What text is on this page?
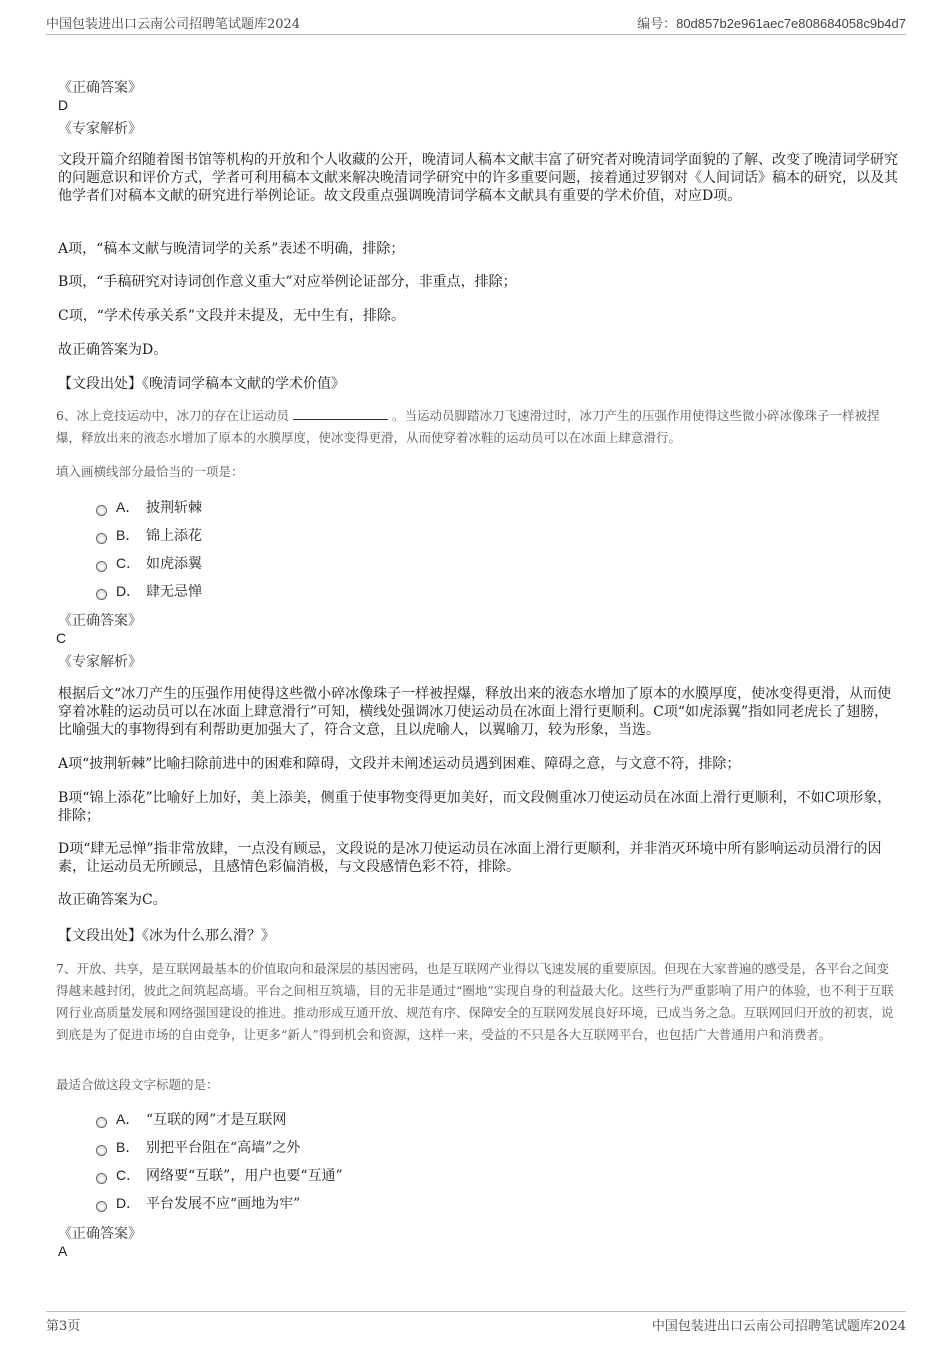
中国包装进出口云南公司招聘笔试题库2024	编号：80d857b2e961aec7e808684058c9b4d7
《正确答案》
D
《专家解析》
文段开篇介绍随着图书馆等机构的开放和个人收藏的公开，晚清词人稿本文献丰富了研究者对晚清词学面貌的了解、改变了晚清词学研究的问题意识和评价方式，学者可利用稿本文献来解决晚清词学研究中的许多重要问题，接着通过罗钢对《人间词话》稿本的研究，以及其他学者们对稿本文献的研究进行举例论证。故文段重点强调晚清词学稿本文献具有重要的学术价值，对应D项。
A项，“稿本文献与晚清词学的关系”表述不明确，排除；
B项，“手稿研究对诗词创作意义重大”对应举例论证部分，非重点，排除；
C项，“学术传承关系”文段并未提及，无中生有，排除。
故正确答案为D。
【文段出处】《晚清词学稿本文献的学术价值》
6、冰上竞技运动中，冰刀的存在让运动员	。当运动员脚踏冰刀飞速滑过时，冰刀产生的压强作用使得这些微小碎冰像珠子一样被捏爆，释放出来的液态水增加了原本的水膜厚度，使冰变得更滑，从而使穿着冰鞋的运动员可以在冰面上肆意滑行。
填入画横线部分最恰当的一项是：
A． 披荆斩棘
B． 锦上添花
C． 如虎添翼
D． 肆无忌惮
《正确答案》
C
《专家解析》
根据后文“冰刀产生的压强作用使得这些微小碎冰像珠子一样被捏爆，释放出来的液态水增加了原本的水膜厚度，使冰变得更滑，从而使穿着冰鞋的运动员可以在冰面上肆意滑行”可知，横线处强调冰刀使运动员在冰面上滑行更顺利。C项“如虎添翼”指如同老虎长了翅膀，比喻强大的事物得到有利帮助更加强大了，符合文意，且以虎喻人，以翼喻刀，较为形象，当选。
A项“披荆斩棘”比喻扫除前进中的困难和障碍，文段并未阐述运动员遇到困难、障碍之意，与文意不符，排除；
B项“锦上添花”比喻好上加好，美上添美，侧重于使事物变得更加美好，而文段侧重冰刀使运动员在冰面上滑行更顺利，不如C项形象，排除；
D项“肆无忌惮”指非常放肆，一点没有顾忌，文段说的是冰刀使运动员在冰面上滑行更顺利，并非消灭环境中所有影响运动员滑行的因素，让运动员无所顾忌，且感情色彩偏消极，与文段感情色彩不符，排除。
故正确答案为C。
【文段出处】《冰为什么那么滑？》
7、开放、共享，是互联网最基本的价值取向和最深层的基因密码，也是互联网产业得以飞速发展的重要原因。但现在大家普遍的感受是，各平台之间变得越来越封闭，彼此之间筑起高墙。平台之间相互筑墙，目的无非是通过“圈地”实现自身的利益最大化。这些行为严重影响了用户的体验，也不利于互联网行业高质量发展和网络强国建设的推进。推动形成互通开放、规范有序、保障安全的互联网发展良好环境，已成当务之急。互联网回归开放的初衷，说到底是为了促进市场的自由竞争，让更多“新人”得到机会和资源，这样一来，受益的不只是各大互联网平台，也包括广大普通用户和消费者。
最适合做这段文字标题的是：
A． “互联的网”才是互联网
B． 别把平台阻在“高墙”之外
C． 网络要“互联”，用户也要“互通”
D． 平台发展不应“画地为牢”
《正确答案》
A
第3页	中国包装进出口云南公司招聘笔试题库2024
